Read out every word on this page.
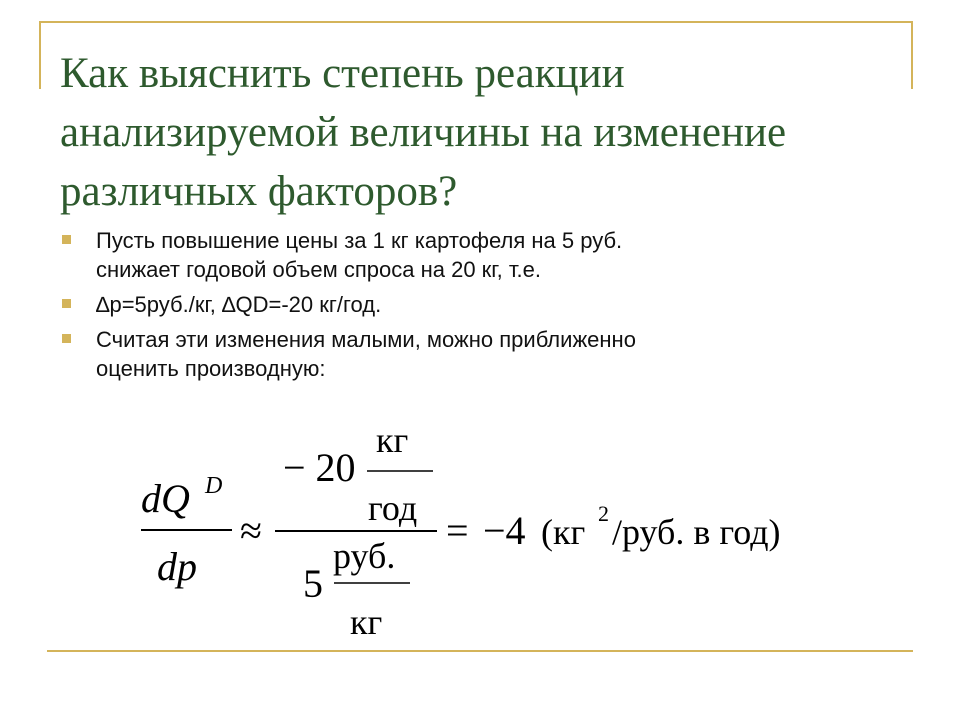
Как выяснить степень реакции
анализируемой величины на изменение
различных факторов?
Пусть повышение цены за 1 кг картофеля на 5 руб.
снижает годовой объем спроса на 20 кг, т.е.
∆p=5руб./кг, ∆QD=-20 кг/год.
Считая эти изменения малыми, можно приближенно
оценить производную:
dQ D
dp
≈
− 20
кг
год
5
руб.
кг
= −4 (кг 2 /руб. в год)
